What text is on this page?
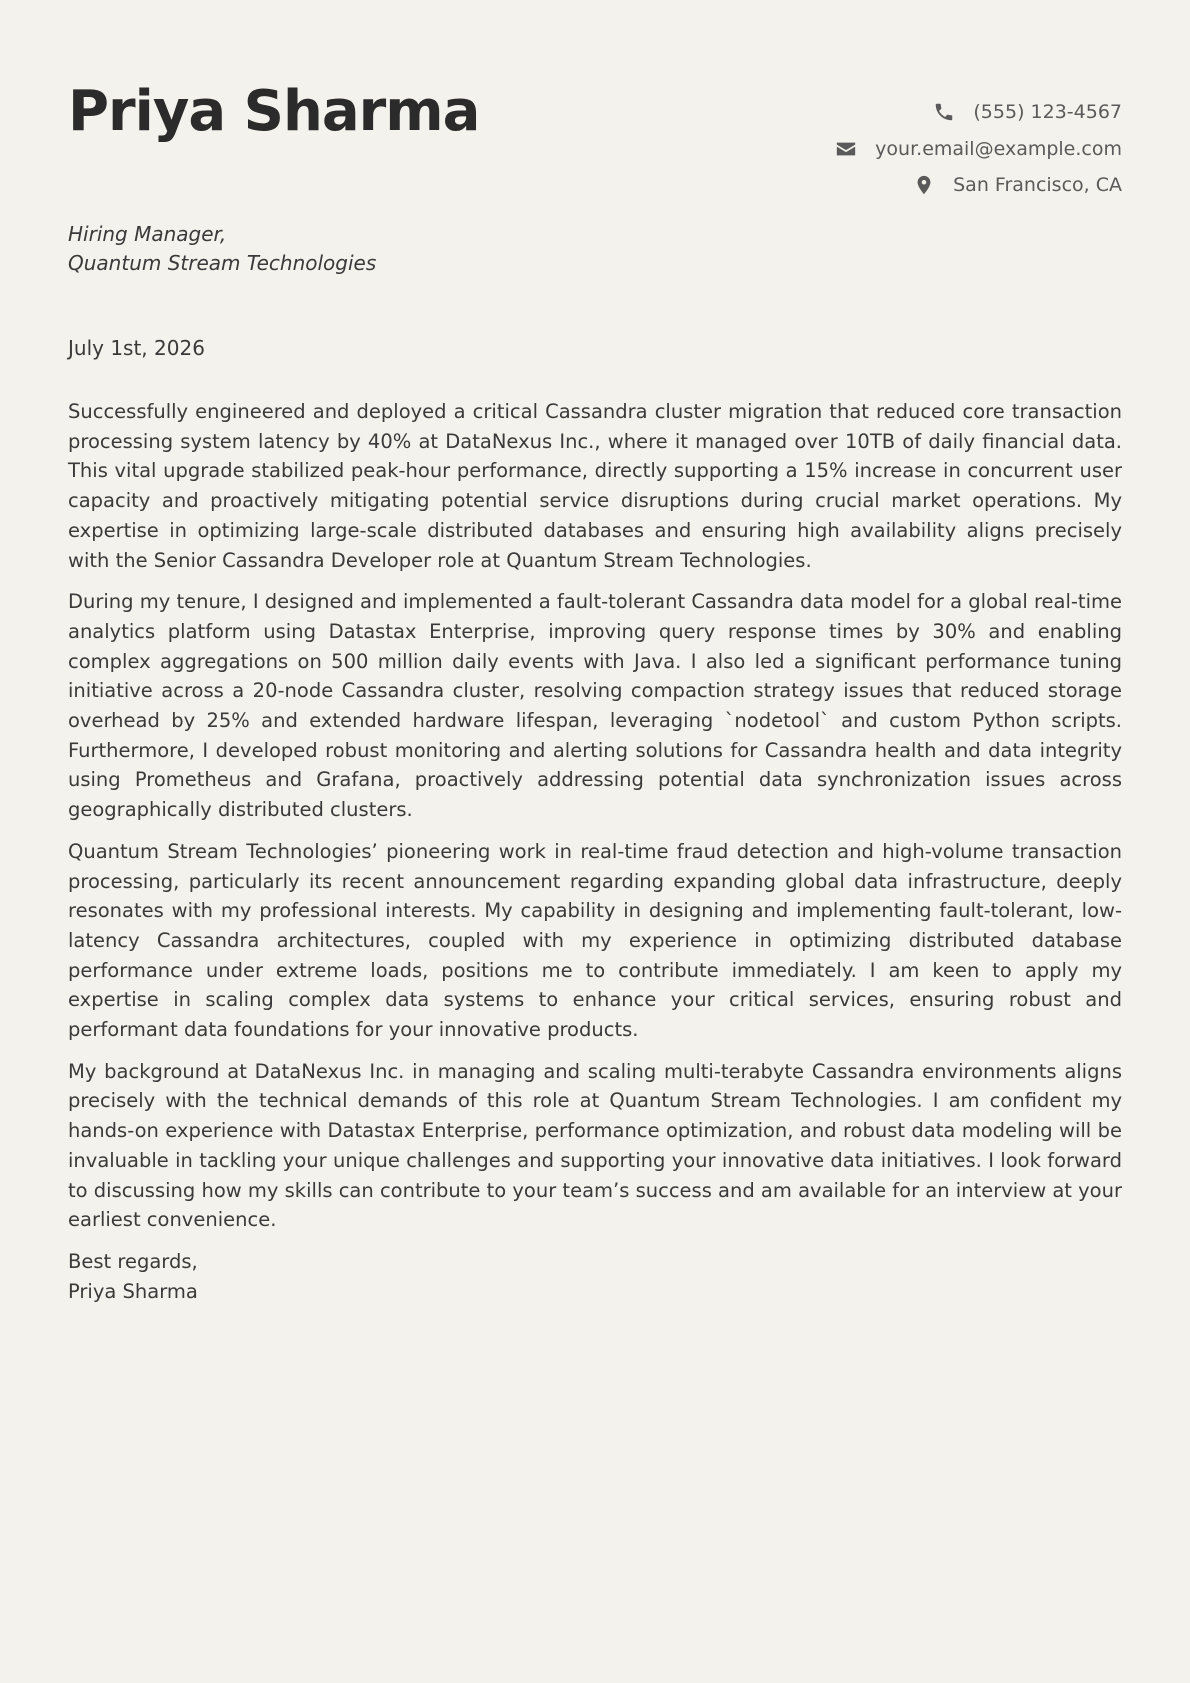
Priya Sharma	(555) 123-4567
your.email@example.com
San Francisco, CA
Hiring Manager,
Quantum Stream Technologies
July 1st, 2026

Successfully engineered and deployed a critical Cassandra cluster migration that reduced core transaction processing system latency by 40% at DataNexus Inc., where it managed over 10TB of daily financial data. This vital upgrade stabilized peak-hour performance, directly supporting a 15% increase in concurrent user capacity and proactively mitigating potential service disruptions during crucial market operations. My expertise in optimizing large-scale distributed databases and ensuring high availability aligns precisely with the Senior Cassandra Developer role at Quantum Stream Technologies.

During my tenure, I designed and implemented a fault-tolerant Cassandra data model for a global real-time analytics platform using Datastax Enterprise, improving query response times by 30% and enabling complex aggregations on 500 million daily events with Java. I also led a significant performance tuning initiative across a 20-node Cassandra cluster, resolving compaction strategy issues that reduced storage overhead by 25% and extended hardware lifespan, leveraging `nodetool` and custom Python scripts. Furthermore, I developed robust monitoring and alerting solutions for Cassandra health and data integrity using Prometheus and Grafana, proactively addressing potential data synchronization issues across geographically distributed clusters.

Quantum Stream Technologies’ pioneering work in real-time fraud detection and high-volume transaction processing, particularly its recent announcement regarding expanding global data infrastructure, deeply resonates with my professional interests. My capability in designing and implementing fault-tolerant, low-latency Cassandra architectures, coupled with my experience in optimizing distributed database performance under extreme loads, positions me to contribute immediately. I am keen to apply my expertise in scaling complex data systems to enhance your critical services, ensuring robust and performant data foundations for your innovative products.

My background at DataNexus Inc. in managing and scaling multi-terabyte Cassandra environments aligns precisely with the technical demands of this role at Quantum Stream Technologies. I am confident my hands-on experience with Datastax Enterprise, performance optimization, and robust data modeling will be invaluable in tackling your unique challenges and supporting your innovative data initiatives. I look forward to discussing how my skills can contribute to your team’s success and am available for an interview at your earliest convenience.

Best regards,
Priya Sharma
